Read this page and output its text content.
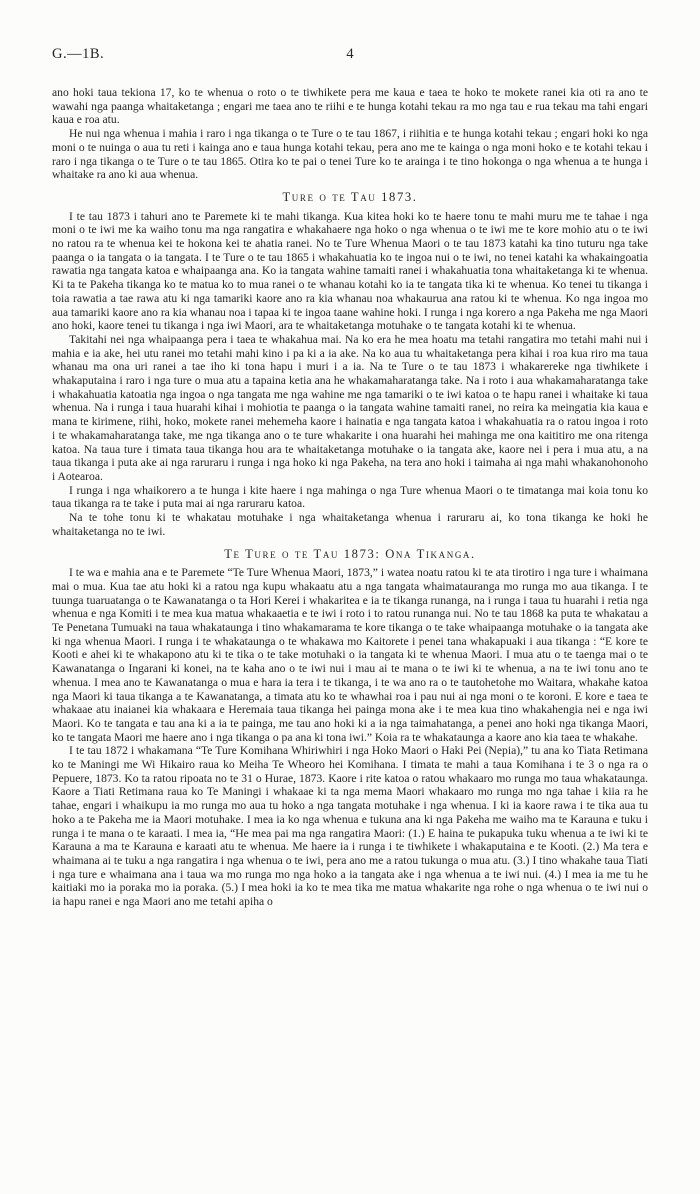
G.—1B.	4

ano hoki taua tekiona 17, ko te whenua o roto o te tiwhikete pera me kaua e taea te hoko te mokete ranei kia oti ra ano te wawahi nga paanga whaitaketanga ; engari me taea ano te riihi e te hunga kotahi tekau ra mo nga tau e rua tekau ma tahi engari kaua e roa atu.

He nui nga whenua i mahia i raro i nga tikanga o te Ture o te tau 1867, i riihitia e te hunga kotahi tekau ; engari hoki ko nga moni o te nuinga o aua tu reti i kainga ano e taua hunga kotahi tekau, pera ano me te kainga o nga moni hoko e te kotahi tekau i raro i nga tikanga o te Ture o te tau 1865. Otira ko te pai o tenei Ture ko te arainga i te tino hokonga o nga whenua a te hunga i whaitake ra ano ki aua whenua.

Ture o te Tau 1873.

I te tau 1873 i tahuri ano te Paremete ki te mahi tikanga. Kua kitea hoki ko te haere tonu te mahi muru me te tahae i nga moni o te iwi me ka waiho tonu ma nga rangatira e whakahaere nga hoko o nga whenua o te iwi me te kore mohio atu o te iwi no ratou ra te whenua kei te hokona kei te ahatia ranei. No te Ture Whenua Maori o te tau 1873 katahi ka tino tuturu nga take paanga o ia tangata o ia tangata. I te Ture o te tau 1865 i whakahuatia ko te ingoa nui o te iwi, no tenei katahi ka whakaingoatia rawatia nga tangata katoa e whaipaanga ana. Ko ia tangata wahine tamaiti ranei i whakahuatia tona whaitaketanga ki te whenua. Ki ta te Pakeha tikanga ko te matua ko to mua ranei o te whanau kotahi ko ia te tangata tika ki te whenua. Ko tenei tu tikanga i toia rawatia a tae rawa atu ki nga tamariki kaore ano ra kia whanau noa whakaurua ana ratou ki te whenua. Ko nga ingoa mo aua tamariki kaore ano ra kia whanau noa i tapaa ki te ingoa taane wahine hoki. I runga i nga korero a nga Pakeha me nga Maori ano hoki, kaore tenei tu tikanga i nga iwi Maori, ara te whaitaketanga motuhake o te tangata kotahi ki te whenua.

Takitahi nei nga whaipaanga pera i taea te whakahua mai. Na ko era he mea hoatu ma tetahi rangatira mo tetahi mahi nui i mahia e ia ake, hei utu ranei mo tetahi mahi kino i pa ki a ia ake. Na ko aua tu whaitaketanga pera kihai i roa kua riro ma taua whanau ma ona uri ranei a tae iho ki tona hapu i muri i a ia. Na te Ture o te tau 1873 i whakarereke nga tiwhikete i whakaputaina i raro i nga ture o mua atu a tapaina ketia ana he whakamaharatanga take. Na i roto i aua whakamaharatanga take i whakahuatia katoatia nga ingoa o nga tangata me nga wahine me nga tamariki o te iwi katoa o te hapu ranei i whaitake ki taua whenua. Na i runga i taua huarahi kihai i mohiotia te paanga o ia tangata wahine tamaiti ranei, no reira ka meingatia kia kaua e mana te kirimene, riihi, hoko, mokete ranei mehemeha kaore i hainatia e nga tangata katoa i whakahuatia ra o ratou ingoa i roto i te whakamaharatanga take, me nga tikanga ano o te ture whakarite i ona huarahi hei mahinga me ona kaititiro me ona ritenga katoa. Na taua ture i timata taua tikanga hou ara te whaitaketanga motuhake o ia tangata ake, kaore nei i pera i mua atu, a na taua tikanga i puta ake ai nga raruraru i runga i nga hoko ki nga Pakeha, na tera ano hoki i taimaha ai nga mahi whakanohonoho i Aotearoa.

I runga i nga whaikorero a te hunga i kite haere i nga mahinga o nga Ture whenua Maori o te timatanga mai koia tonu ko taua tikanga ra te take i puta mai ai nga raruraru katoa.

Na te tohe tonu ki te whakatau motuhake i nga whaitaketanga whenua i raruraru ai, ko tona tikanga ke hoki he whaitaketanga no te iwi.

Te Ture o te Tau 1873: Ona Tikanga.

I te wa e mahia ana e te Paremete “Te Ture Whenua Maori, 1873,” i watea noatu ratou ki te ata tirotiro i nga ture i whaimana mai o mua. Kua tae atu hoki ki a ratou nga kupu whakaatu atu a nga tangata whaimatauranga mo runga mo aua tikanga. I te tuunga tuaruatanga o te Kawanatanga o ta Hori Kerei i whakaritea e ia te tikanga runanga, na i runga i taua tu huarahi i retia nga whenua e nga Komiti i te mea kua matua whakaaetia e te iwi i roto i to ratou runanga nui. No te tau 1868 ka puta te whakatau a Te Penetana Tumuaki na taua whakataunga i tino whakamarama te kore tikanga o te take whaipaanga motuhake o ia tangata ake ki nga whenua Maori. I runga i te whakataunga o te whakawa mo Kaitorete i penei tana whakapuaki i aua tikanga : “E kore te Kooti e ahei ki te whakapono atu ki te tika o te take motuhaki o ia tangata ki te whenua Maori. I mua atu o te taenga mai o te Kawanatanga o Ingarani ki konei, na te kaha ano o te iwi nui i mau ai te mana o te iwi ki te whenua, a na te iwi tonu ano te whenua. I mea ano te Kawanatanga o mua e hara ia tera i te tikanga, i te wa ano ra o te tautohetohe mo Waitara, whakahe katoa nga Maori ki taua tikanga a te Kawanatanga, a timata atu ko te whawhai roa i pau nui ai nga moni o te koroni. E kore e taea te whakaae atu inaianei kia whakaara e Heremaia taua tikanga hei painga mona ake i te mea kua tino whakahengia nei e nga iwi Maori. Ko te tangata e tau ana ki a ia te painga, me tau ano hoki ki a ia nga taimahatanga, a penei ano hoki nga tikanga Maori, ko te tangata Maori me haere ano i nga tikanga o pa ana ki tona iwi.” Koia ra te whakataunga a kaore ano kia taea te whakahe.

I te tau 1872 i whakamana “Te Ture Komihana Whiriwhiri i nga Hoko Maori o Haki Pei (Nepia),” tu ana ko Tiata Retimana ko te Maningi me Wi Hikairo raua ko Meiha Te Wheoro hei Komihana. I timata te mahi a taua Komihana i te 3 o nga ra o Pepuere, 1873. Ko ta ratou ripoata no te 31 o Hurae, 1873. Kaore i rite katoa o ratou whakaaro mo runga mo taua whakataunga. Kaore a Tiati Retimana raua ko Te Maningi i whakaae ki ta nga mema Maori whakaaro mo runga mo nga tahae i kiia ra he tahae, engari i whaikupu ia mo runga mo aua tu hoko a nga tangata motuhake i nga whenua. I ki ia kaore rawa i te tika aua tu hoko a te Pakeha me ia Maori motuhake. I mea ia ko nga whenua e tukuna ana ki nga Pakeha me waiho ma te Karauna e tuku i runga i te mana o te karaati. I mea ia, “He mea pai ma nga rangatira Maori: (1.) E haina te pukapuka tuku whenua a te iwi ki te Karauna a ma te Karauna e karaati atu te whenua. Me haere ia i runga i te tiwhikete i whakaputaina e te Kooti. (2.) Ma tera e whaimana ai te tuku a nga rangatira i nga whenua o te iwi, pera ano me a ratou tukunga o mua atu. (3.) I tino whakahe taua Tiati i nga ture e whaimana ana i taua wa mo runga mo nga hoko a ia tangata ake i nga whenua a te iwi nui. (4.) I mea ia me tu he kaitiaki mo ia poraka mo ia poraka. (5.) I mea hoki ia ko te mea tika me matua whakarite nga rohe o nga whenua o te iwi nui o ia hapu ranei e nga Maori ano me tetahi apiha o
